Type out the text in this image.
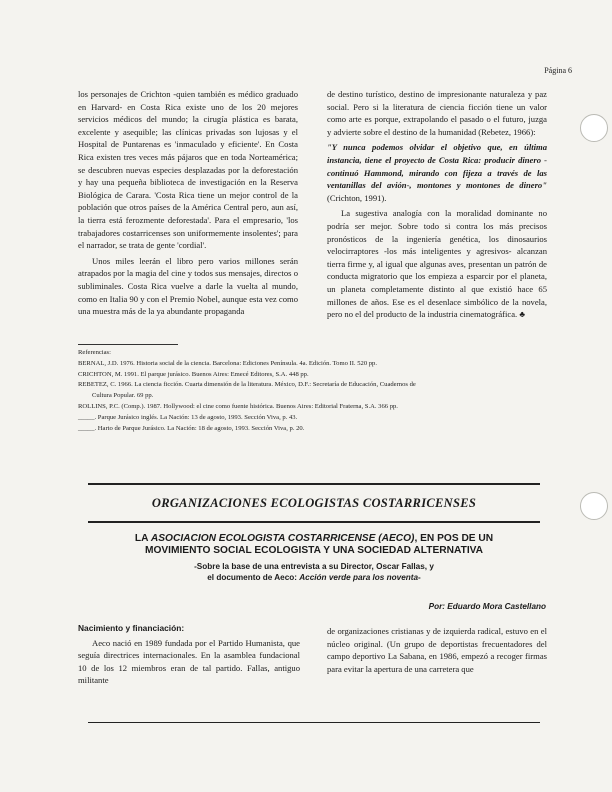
Página 6

los personajes de Crichton -quien también es médico graduado en Harvard- en Costa Rica existe uno de los 20 mejores servicios médicos del mundo; la cirugía plástica es barata, excelente y asequible; las clínicas privadas son lujosas y el Hospital de Puntarenas es 'inmaculado y eficiente'. En Costa Rica existen tres veces más pájaros que en toda Norteamérica; se descubren nuevas especies desplazadas por la deforestación y hay una pequeña biblioteca de investigación en la Reserva Biológica de Carara. 'Costa Rica tiene un mejor control de la población que otros países de la América Central pero, aun así, la tierra está ferozmente deforestada'. Para el empresario, 'los trabajadores costarricenses son uniformemente insolentes'; para el narrador, se trata de gente 'cordial'.

Unos miles leerán el libro pero varios millones serán atrapados por la magia del cine y todos sus mensajes, directos o subliminales. Costa Rica vuelve a darle la vuelta al mundo, como en Italia 90 y con el Premio Nobel, aunque esta vez como una muestra más de la ya abundante propaganda

de destino turístico, destino de impresionante naturaleza y paz social. Pero si la literatura de ciencia ficción tiene un valor como arte es porque, extrapolando el pasado o el futuro, juzga y advierte sobre el destino de la humanidad (Rebetez, 1966):

"Y nunca podemos olvidar el objetivo que, en última instancia, tiene el proyecto de Costa Rica: producir dinero -continuó Hammond, mirando con fijeza a través de las ventanillas del avión-, montones y montones de dinero" (Crichton, 1991).

La sugestiva analogía con la moralidad dominante no podría ser mejor. Sobre todo si contra los más precisos pronósticos de la ingeniería genética, los dinosaurios velocirraptores -los más inteligentes y agresivos- alcanzan tierra firme y, al igual que algunas aves, presentan un patrón de conducta migratorio que los empieza a esparcir por el planeta, un planeta completamente distinto al que existió hace 65 millones de años. Ese es el desenlace simbólico de la novela, pero no el del producto de la industria cinematográfica. ♣

Referencias:

BERNAL, J.D. 1976. Historia social de la ciencia. Barcelona: Ediciones Península. 4a. Edición. Tomo II. 520 pp.

CRICHTON, M. 1991. El parque jurásico. Buenos Aires: Emecé Editores, S.A. 448 pp.

REBETEZ, C. 1966. La ciencia ficción. Cuarta dimensión de la literatura. México, D.F.: Secretaría de Educación, Cuadernos de

Cultura Popular. 69 pp.

ROLLINS, P.C. (Comp.). 1987. Hollywood: el cine como fuente histórica. Buenos Aires: Editorial Fraterna, S.A. 366 pp.

_____. Parque Jurásico inglés. La Nación: 13 de agosto, 1993. Sección Viva, p. 43.

_____. Harto de Parque Jurásico. La Nación: 18 de agosto, 1993. Sección Viva, p. 20.

ORGANIZACIONES ECOLOGISTAS COSTARRICENSES
LA ASOCIACION ECOLOGISTA COSTARRICENSE (AECO), EN POS DE UN
MOVIMIENTO SOCIAL ECOLOGISTA Y UNA SOCIEDAD ALTERNATIVA
-Sobre la base de una entrevista a su Director, Oscar Fallas, y
el documento de Aeco: Acción verde para los noventa-
Por: Eduardo Mora Castellano
Nacimiento y financiación:

Aeco nació en 1989 fundada por el Partido Humanista, que seguía directrices internacionales. En la asamblea fundacional 10 de los 12 miembros eran de tal partido. Fallas, antiguo militante

de organizaciones cristianas y de izquierda radical, estuvo en el núcleo original. (Un grupo de deportistas frecuentadores del campo deportivo La Sabana, en 1986, empezó a recoger firmas para evitar la apertura de una carretera que
